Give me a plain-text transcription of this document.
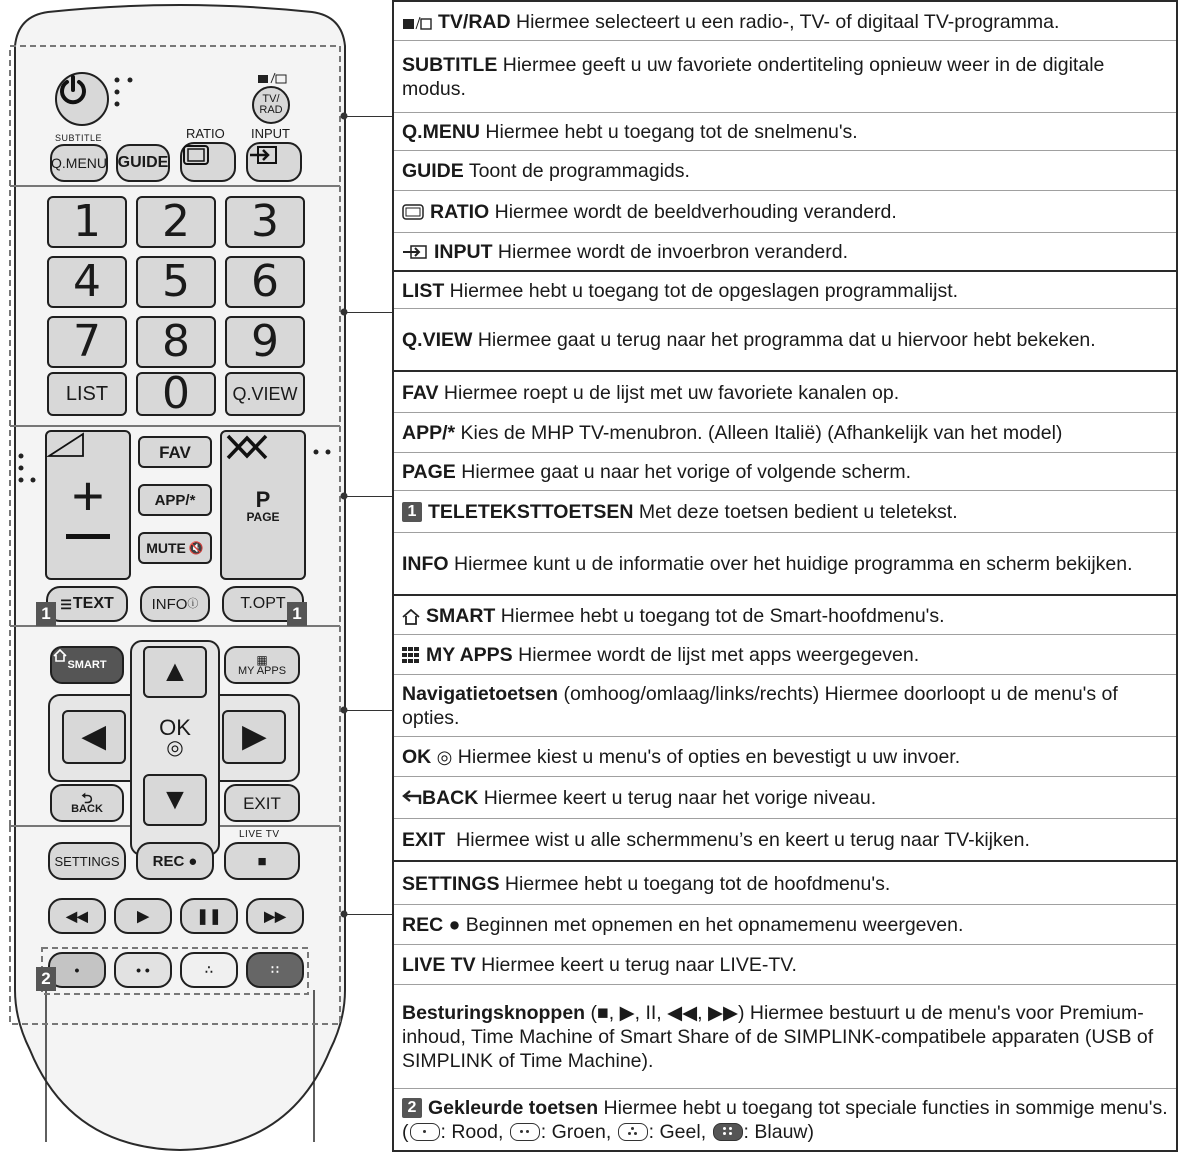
TV/
RAD
SUBTITLE	RATIO INPUT
Q.MENU GUIDE
1	2	3
4	5	6
7	8	9
LIST	0	Q.VIEW
+
FAV
APP/*
MUTE 🔇
P
PAGE
☰ TEXT	INFO ⓘ	T.OPT
1	1
SMART	▦
MY APPS
▲
◀ OK
◎ ▶
▼
⮌
BACK	EXIT
LIVE TV
SETTINGS	REC ●	■
◀◀	▶	❚❚	▶▶
•	• •	∴	∷
2
TV/RAD Hiermee selecteert u een radio-, TV- of digitaal TV-programma.
SUBTITLE Hiermee geeft u uw favoriete ondertiteling opnieuw weer in de digitale modus.
Q.MENU Hiermee hebt u toegang tot de snelmenu's.
GUIDE Toont de programmagids.
RATIO Hiermee wordt de beeldverhouding veranderd.
INPUT Hiermee wordt de invoerbron veranderd.
LIST Hiermee hebt u toegang tot de opgeslagen programmalijst.
Q.VIEW Hiermee gaat u terug naar het programma dat u hiervoor hebt bekeken.
FAV Hiermee roept u de lijst met uw favoriete kanalen op.
APP/* Kies de MHP TV-menubron. (Alleen Italië) (Afhankelijk van het model)
PAGE Hiermee gaat u naar het vorige of volgende scherm.
1 TELETEKSTTOETSEN Met deze toetsen bedient u teletekst.
INFO Hiermee kunt u de informatie over het huidige programma en scherm bekijken.
SMART Hiermee hebt u toegang tot de Smart-hoofdmenu's.
MY APPS Hiermee wordt de lijst met apps weergegeven.
Navigatietoetsen (omhoog/omlaag/links/rechts) Hiermee doorloopt u de menu's of opties.
OK ◎ Hiermee kiest u menu's of opties en bevestigt u uw invoer.
BACK Hiermee keert u terug naar het vorige niveau.
EXIT  Hiermee wist u alle schermmenu’s en keert u terug naar TV-kijken.
SETTINGS Hiermee hebt u toegang tot de hoofdmenu's.
REC ● Beginnen met opnemen en het opnamemenu weergeven.
LIVE TV Hiermee keert u terug naar LIVE-TV.
Besturingsknoppen (■, ▶, ΙΙ, ◀◀, ▶▶) Hiermee bestuurt u de menu's voor Premium-inhoud, Time Machine of Smart Share of de SIMPLINK-compatibele apparaten (USB of SIMPLINK of Time Machine).
2 Gekleurde toetsen Hiermee hebt u toegang tot speciale functies in sommige menu's. ( : Rood,
: Groen,
: Geel,
: Blauw)
